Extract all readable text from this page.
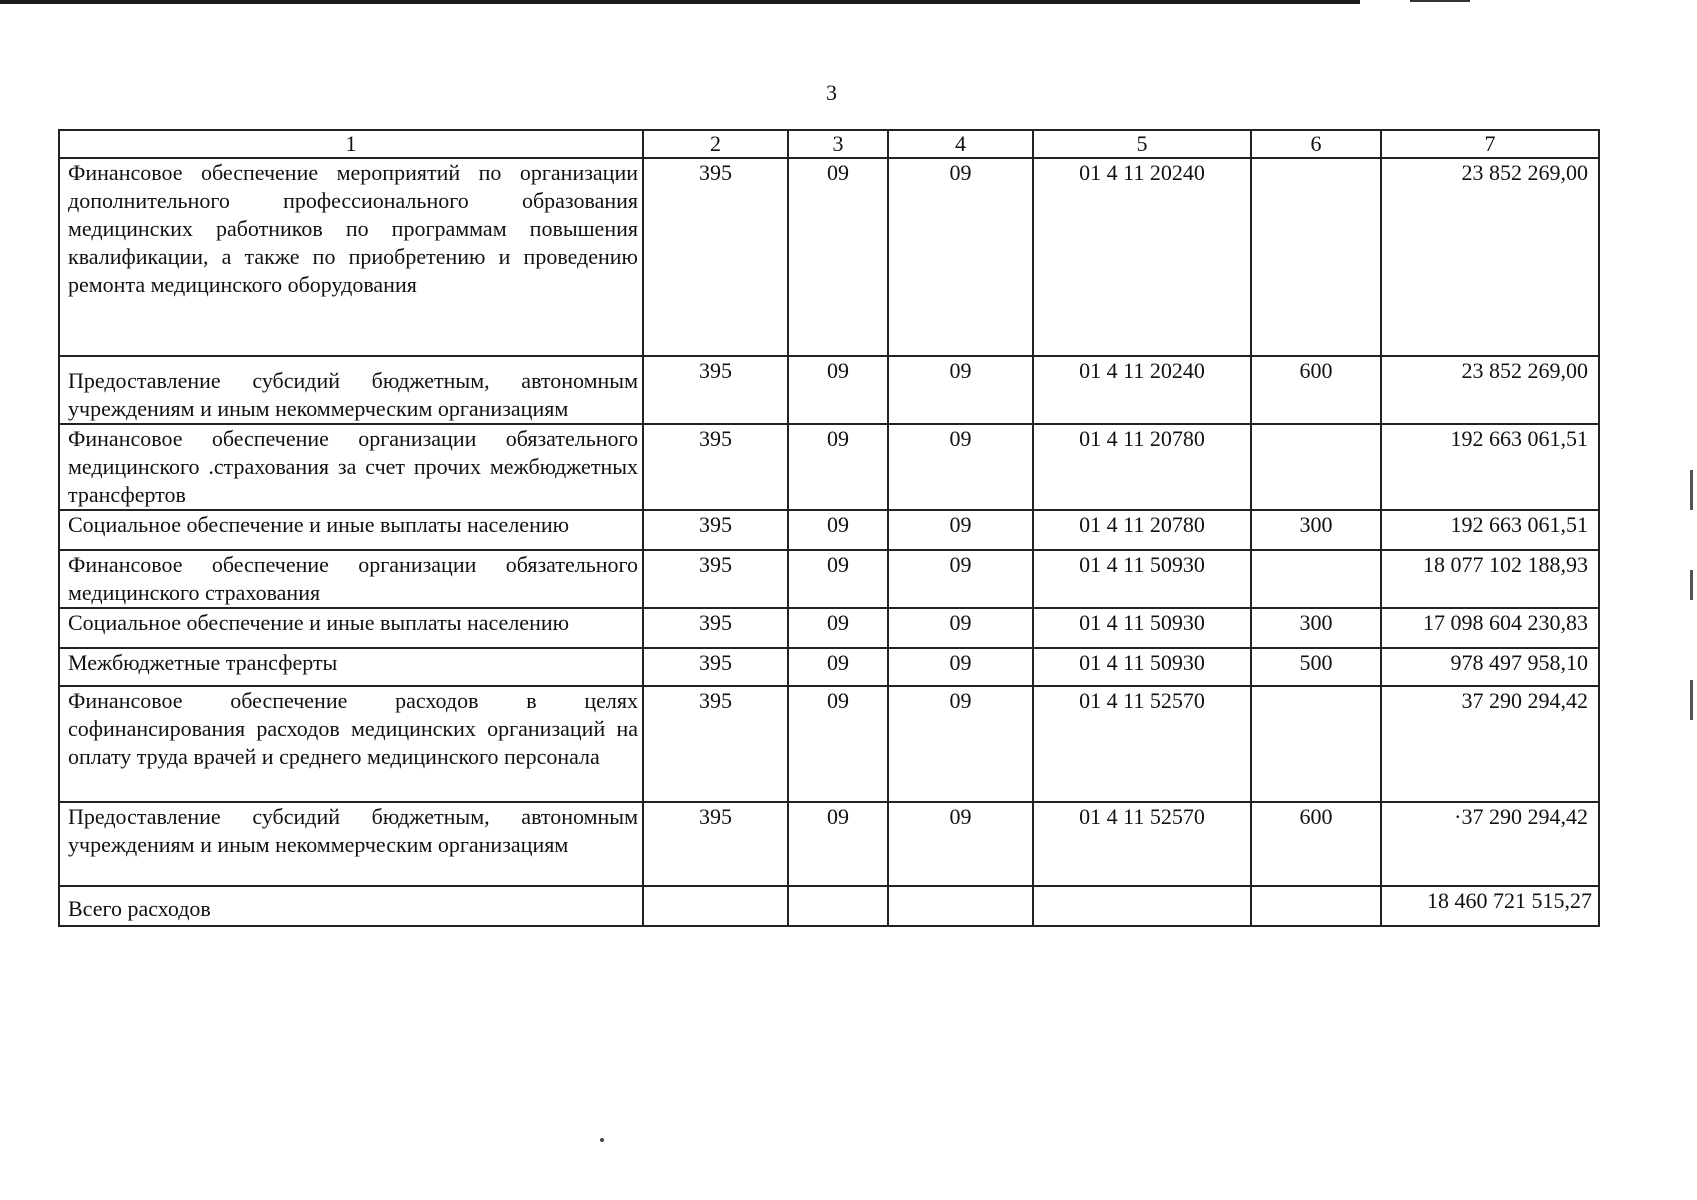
3
1	2	3	4	5	6	7
Финансовое обеспечение мероприятий по организации дополнительного профессионального образования медицинских работников по программам повышения квалификации, а также по приобретению и проведению ремонта медицинского оборудования	395	09	09	01 4 11 20240		23 852 269,00
Предоставление субсидий бюджетным, автономным учреждениям и иным некоммерческим организациям	395	09	09	01 4 11 20240	600	23 852 269,00
Финансовое обеспечение организации обязательного медицинского .страхования за счет прочих межбюджетных трансфертов	395	09	09	01 4 11 20780		192 663 061,51
Социальное обеспечение и иные выплаты населению	395	09	09	01 4 11 20780	300	192 663 061,51
Финансовое обеспечение организации обязательного медицинского страхования	395	09	09	01 4 11 50930		18 077 102 188,93
Социальное обеспечение и иные выплаты населению	395	09	09	01 4 11 50930	300	17 098 604 230,83
Межбюджетные трансферты	395	09	09	01 4 11 50930	500	978 497 958,10
Финансовое обеспечение расходов в целях софинансирования расходов медицинских организаций на оплату труда врачей и среднего медицинского персонала	395	09	09	01 4 11 52570		37 290 294,42
Предоставление субсидий бюджетным, автономным учреждениям и иным некоммерческим организациям	395	09	09	01 4 11 52570	600	·37 290 294,42
Всего расходов						18 460 721 515,27
